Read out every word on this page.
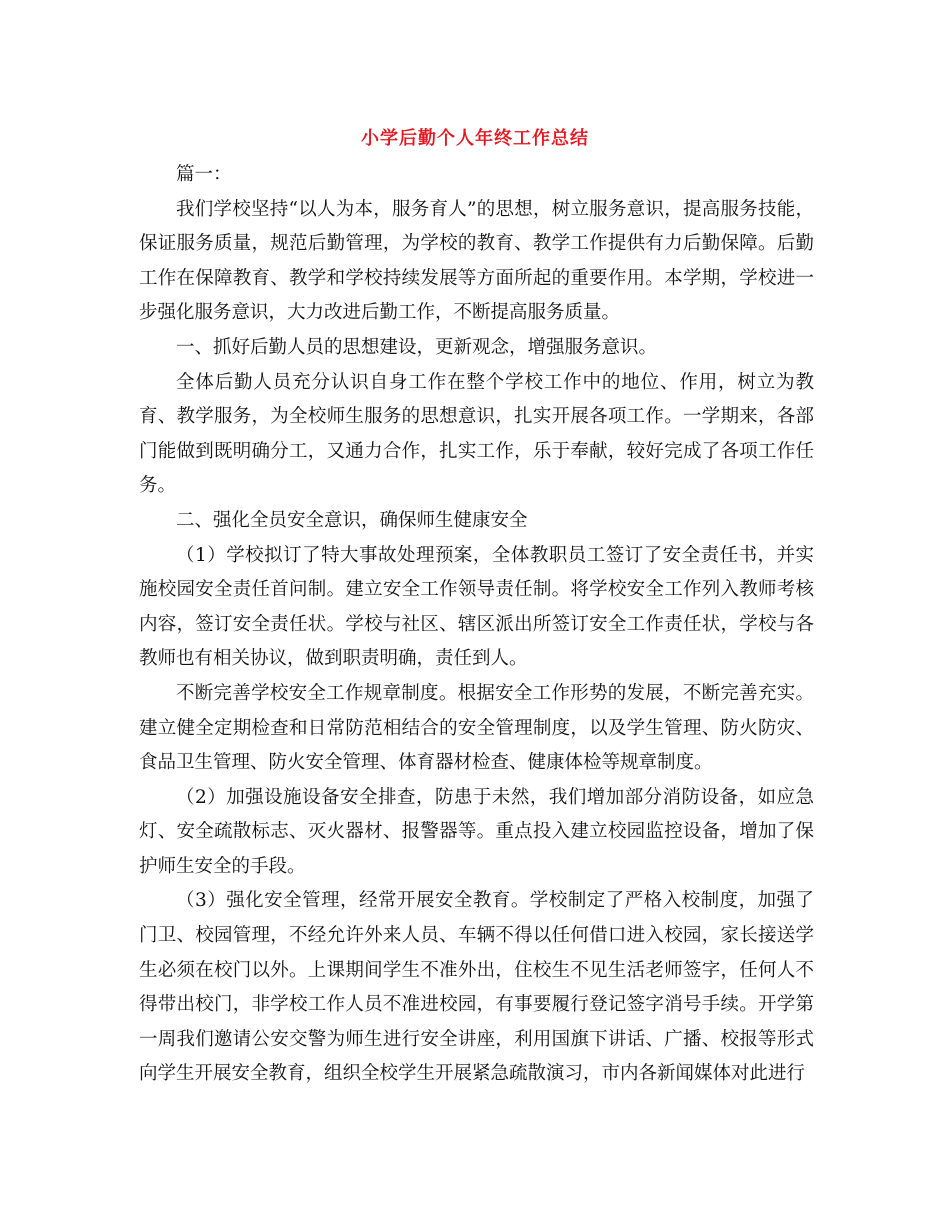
小学后勤个人年终工作总结

篇一：

我们学校坚持“以人为本，服务育人”的思想，树立服务意识，提高服务技能，保证服务质量，规范后勤管理，为学校的教育、教学工作提供有力后勤保障。后勤工作在保障教育、教学和学校持续发展等方面所起的重要作用。本学期，学校进一步强化服务意识，大力改进后勤工作，不断提高服务质量。

一、抓好后勤人员的思想建设，更新观念，增强服务意识。

全体后勤人员充分认识自身工作在整个学校工作中的地位、作用，树立为教育、教学服务，为全校师生服务的思想意识，扎实开展各项工作。一学期来，各部门能做到既明确分工，又通力合作，扎实工作，乐于奉献，较好完成了各项工作任务。

二、强化全员安全意识，确保师生健康安全

（1）学校拟订了特大事故处理预案，全体教职员工签订了安全责任书，并实施校园安全责任首问制。建立安全工作领导责任制。将学校安全工作列入教师考核内容，签订安全责任状。学校与社区、辖区派出所签订安全工作责任状，学校与各教师也有相关协议，做到职责明确，责任到人。

不断完善学校安全工作规章制度。根据安全工作形势的发展，不断完善充实。建立健全定期检查和日常防范相结合的安全管理制度，以及学生管理、防火防灾、食品卫生管理、防火安全管理、体育器材检查、健康体检等规章制度。

（2）加强设施设备安全排查，防患于未然，我们增加部分消防设备，如应急灯、安全疏散标志、灭火器材、报警器等。重点投入建立校园监控设备，增加了保护师生安全的手段。

（3）强化安全管理，经常开展安全教育。学校制定了严格入校制度，加强了门卫、校园管理，不经允许外来人员、车辆不得以任何借口进入校园，家长接送学生必须在校门以外。上课期间学生不准外出，住校生不见生活老师签字，任何人不得带出校门，非学校工作人员不准进校园，有事要履行登记签字消号手续。开学第一周我们邀请公安交警为师生进行安全讲座，利用国旗下讲话、广播、校报等形式向学生开展安全教育，组织全校学生开展紧急疏散演习，市内各新闻媒体对此进行
